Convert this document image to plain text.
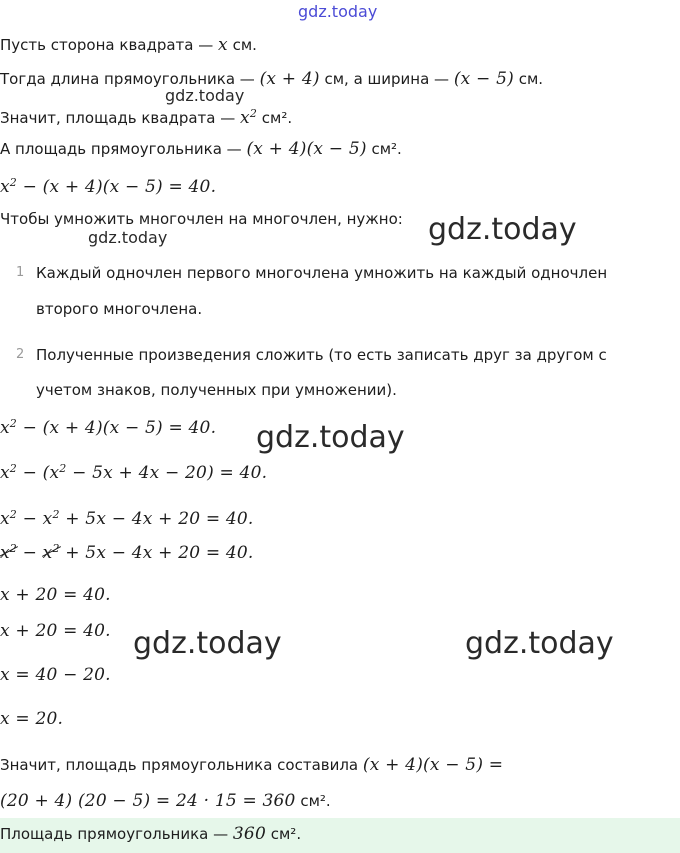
gdz.today
gdz.today
gdz.today	gdz.today
gdz.today
gdz.today	gdz.today
Пусть сторона квадрата — x см.
Тогда длина прямоугольника — (x + 4) см, а ширина — (x − 5) см.
Значит, площадь квадрата — $x^2$ см².
А площадь прямоугольника — (x + 4)(x − 5) см².
$x^2 - (x + 4)(x - 5) = 40$.
Чтобы умножить многочлен на многочлен, нужно:
1 Каждый одночлен первого многочлена умножить на каждый одночлен
второго многочлена.
2 Полученные произведения сложить (то есть записать друг за другом с
учетом знаков, полученных при умножении).
$x^2 - (x + 4)(x - 5) = 40$.
$x^2 - (x^2 - 5x + 4x - 20) = 40$.
$x^2 - x^2 + 5x - 4x + 20 = 40$.
$x^2 - x^2 + 5x - 4x + 20 = 40$.
x + 20 = 40.
x + 20 = 40.
x = 40 − 20.
x = 20.
Значит, площадь прямоугольника составила (x + 4)(x − 5) =
(20 + 4) (20 − 5) = 24 · 15 = 360 см².
Площадь прямоугольника — 360 см².
